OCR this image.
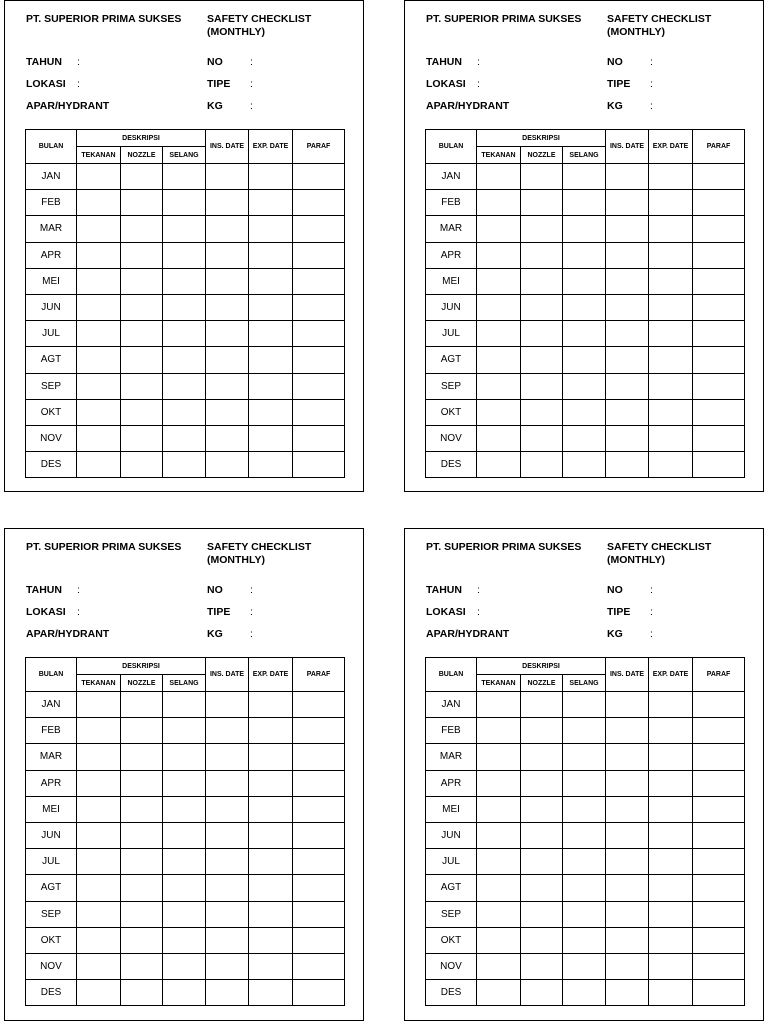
PT. SUPERIOR PRIMA SUKSES SAFETY CHECKLIST
(MONTHLY)
TAHUN :
LOKASI :
APAR/HYDRANT
NO	:
TIPE :
KG	:
BULAN	DESKRIPSI			INS. DATE	EXP. DATE	PARAF
	TEKANAN	NOZZLE	SELANG			
JAN						
FEB						
MAR						
APR						
MEI						
JUN						
JUL						
AGT						
SEP						
OKT						
NOV						
DES						
PT. SUPERIOR PRIMA SUKSES SAFETY CHECKLIST
(MONTHLY)
TAHUN :
LOKASI :
APAR/HYDRANT
NO	:
TIPE :
KG	:
BULAN	DESKRIPSI			INS. DATE	EXP. DATE	PARAF
	TEKANAN	NOZZLE	SELANG			
JAN						
FEB						
MAR						
APR						
MEI						
JUN						
JUL						
AGT						
SEP						
OKT						
NOV						
DES						
PT. SUPERIOR PRIMA SUKSES SAFETY CHECKLIST
(MONTHLY)
TAHUN :
LOKASI :
APAR/HYDRANT
NO	:
TIPE :
KG	:
BULAN	DESKRIPSI			INS. DATE	EXP. DATE	PARAF
	TEKANAN	NOZZLE	SELANG			
JAN						
FEB						
MAR						
APR						
MEI						
JUN						
JUL						
AGT						
SEP						
OKT						
NOV						
DES						
PT. SUPERIOR PRIMA SUKSES SAFETY CHECKLIST
(MONTHLY)
TAHUN :
LOKASI :
APAR/HYDRANT
NO	:
TIPE :
KG	:
BULAN	DESKRIPSI			INS. DATE	EXP. DATE	PARAF
	TEKANAN	NOZZLE	SELANG			
JAN						
FEB						
MAR						
APR						
MEI						
JUN						
JUL						
AGT						
SEP						
OKT						
NOV						
DES						
